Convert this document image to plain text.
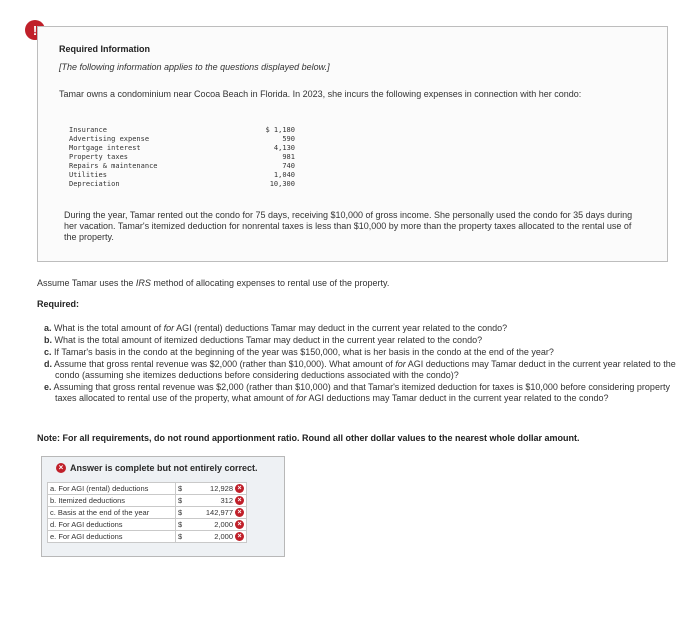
!
Required Information
[The following information applies to the questions displayed below.]
Tamar owns a condominium near Cocoa Beach in Florida. In 2023, she incurs the following expenses in connection with her condo:
Insurance	$ 1,180
Advertising expense	590
Mortgage interest	4,130
Property taxes	981
Repairs & maintenance	740
Utilities	1,040
Depreciation	10,300
During the year, Tamar rented out the condo for 75 days, receiving $10,000 of gross income. She personally used the condo for 35 days during her vacation. Tamar's itemized deduction for nonrental taxes is less than $10,000 by more than the property taxes allocated to the rental use of the property.
Assume Tamar uses the IRS method of allocating expenses to rental use of the property.
Required:
a. What is the total amount of for AGI (rental) deductions Tamar may deduct in the current year related to the condo?
b. What is the total amount of itemized deductions Tamar may deduct in the current year related to the condo?
c. If Tamar's basis in the condo at the beginning of the year was $150,000, what is her basis in the condo at the end of the year?
d. Assume that gross rental revenue was $2,000 (rather than $10,000). What amount of for AGI deductions may Tamar deduct in the current year related to the condo (assuming she itemizes deductions before considering deductions associated with the condo)?
e. Assuming that gross rental revenue was $2,000 (rather than $10,000) and that Tamar's itemized deduction for taxes is $10,000 before considering property taxes allocated to rental use of the property, what amount of for AGI deductions may Tamar deduct in the current year related to the condo?
Note: For all requirements, do not round apportionment ratio. Round all other dollar values to the nearest whole dollar amount.
× Answer is complete but not entirely correct.
a. For AGI (rental) deductions	$	12,928 ×
b. Itemized deductions	$	312 ×
c. Basis at the end of the year	$	142,977 ×
d. For AGI deductions	$	2,000 ×
e. For AGI deductions	$	2,000 ×
